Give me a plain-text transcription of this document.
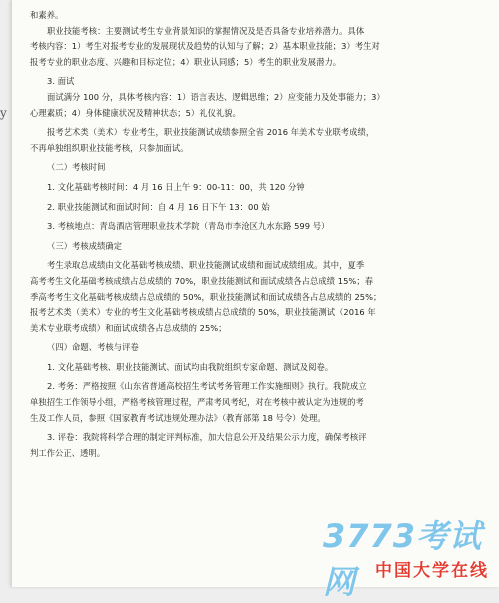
和素养。
职业技能考核：主要测试考生专业背景知识的掌握情况及是否具备专业培养潜力。具体
考核内容：1）考生对报考专业的发展现状及趋势的认知与了解；2）基本职业技能；3）考生对
报考专业的职业态度、兴趣和目标定位；4）职业认同感；5）考生的职业发展潜力。
3. 面试
面试满分 100 分，具体考核内容：1）语言表达、逻辑思维；2）应变能力及处事能力；3）
心理素质；4）身体健康状况及精神状态；5）礼仪礼貌。
报考艺术类（美术）专业考生，职业技能测试成绩参照全省 2016 年美术专业联考成绩，
不再单独组织职业技能考核，只参加面试。
（二）考核时间
1. 文化基础考核时间：4 月 16 日上午 9：00-11：00，共 120 分钟
2. 职业技能测试和面试时间：自 4 月 16 日下午 13：00 始
3. 考核地点：青岛酒店管理职业技术学院（青岛市李沧区九水东路 599 号）
（三）考核成绩确定
考生录取总成绩由文化基础考核成绩、职业技能测试成绩和面试成绩组成。其中，夏季
高考考生文化基础考核成绩占总成绩的 70%，职业技能测试和面试成绩各占总成绩 15%；春
季高考考生文化基础考核成绩占总成绩的 50%，职业技能测试和面试成绩各占总成绩的 25%；
报考艺术类（美术）专业的考生文化基础考核成绩占总成绩的 50%，职业技能测试（2016 年
美术专业联考成绩）和面试成绩各占总成绩的 25%；
（四）命题、考核与评卷
1. 文化基础考核、职业技能测试、面试均由我院组织专家命题、测试及阅卷。
2. 考务：严格按照《山东省普通高校招生考试考务管理工作实施细则》执行。我院成立
单独招生工作领导小组，严格考核管理过程，严肃考风考纪，对在考核中被认定为违规的考
生及工作人员，参照《国家教育考试违规处理办法》（教育部第 18 号令）处理。
3. 评卷：我院将科学合理的制定评判标准，加大信息公开及结果公示力度，确保考核评
判工作公正、透明。
3773考试网	中国大学在线
y
